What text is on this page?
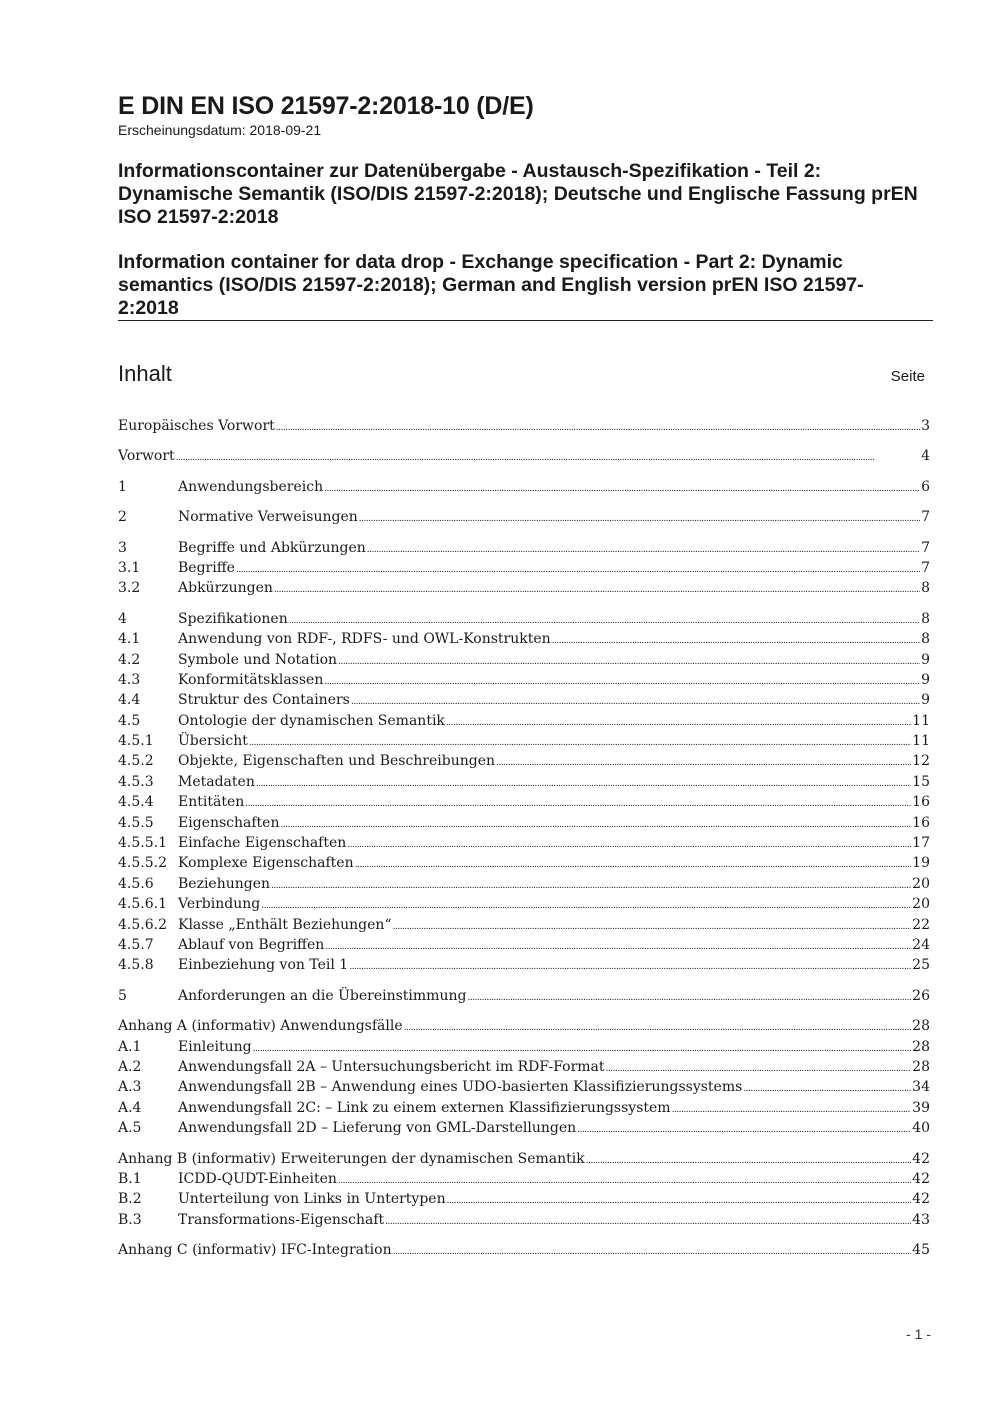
E DIN EN ISO 21597-2:2018-10 (D/E)
Erscheinungsdatum: 2018-09-21
Informationscontainer zur Datenübergabe - Austausch-Spezifikation - Teil 2: Dynamische Semantik (ISO/DIS 21597-2:2018); Deutsche und Englische Fassung prEN ISO 21597-2:2018
Information container for data drop - Exchange specification - Part 2: Dynamic semantics (ISO/DIS 21597-2:2018); German and English version prEN ISO 21597-2:2018
Inhalt	Seite
Europäisches Vorwort .....	3
Vorwort .....	4
1	Anwendungsbereich .....	6
2	Normative Verweisungen .....	7
3	Begriffe und Abkürzungen .....	7
3.1	Begriffe .....	7
3.2	Abkürzungen .....	8
4	Spezifikationen .....	8
4.1	Anwendung von RDF-, RDFS- und OWL-Konstrukten .....	8
4.2	Symbole und Notation .....	9
4.3	Konformitätsklassen .....	9
4.4	Struktur des Containers .....	9
4.5	Ontologie der dynamischen Semantik .....	11
4.5.1	Übersicht .....	11
4.5.2	Objekte, Eigenschaften und Beschreibungen .....	12
4.5.3	Metadaten .....	15
4.5.4	Entitäten .....	16
4.5.5	Eigenschaften .....	16
4.5.5.1 Einfache Eigenschaften .....	17
4.5.5.2 Komplexe Eigenschaften .....	19
4.5.6	Beziehungen .....	20
4.5.6.1 Verbindung .....	20
4.5.6.2 Klasse „Enthält Beziehungen“ .....	22
4.5.7	Ablauf von Begriffen .....	24
4.5.8	Einbeziehung von Teil 1 .....	25
5	Anforderungen an die Übereinstimmung .....	26
Anhang A (informativ) Anwendungsfälle .....	28
A.1	Einleitung .....	28
A.2	Anwendungsfall 2A – Untersuchungsbericht im RDF-Format .....	28
A.3	Anwendungsfall 2B – Anwendung eines UDO-basierten Klassifizierungssystems .....	34
A.4	Anwendungsfall 2C: – Link zu einem externen Klassifizierungssystem .....	39
A.5	Anwendungsfall 2D – Lieferung von GML-Darstellungen .....	40
Anhang B (informativ) Erweiterungen der dynamischen Semantik .....	42
B.1	ICDD-QUDT-Einheiten .....	42
B.2	Unterteilung von Links in Untertypen .....	42
B.3	Transformations-Eigenschaft .....	43
Anhang C (informativ) IFC-Integration .....	45
- 1 -
